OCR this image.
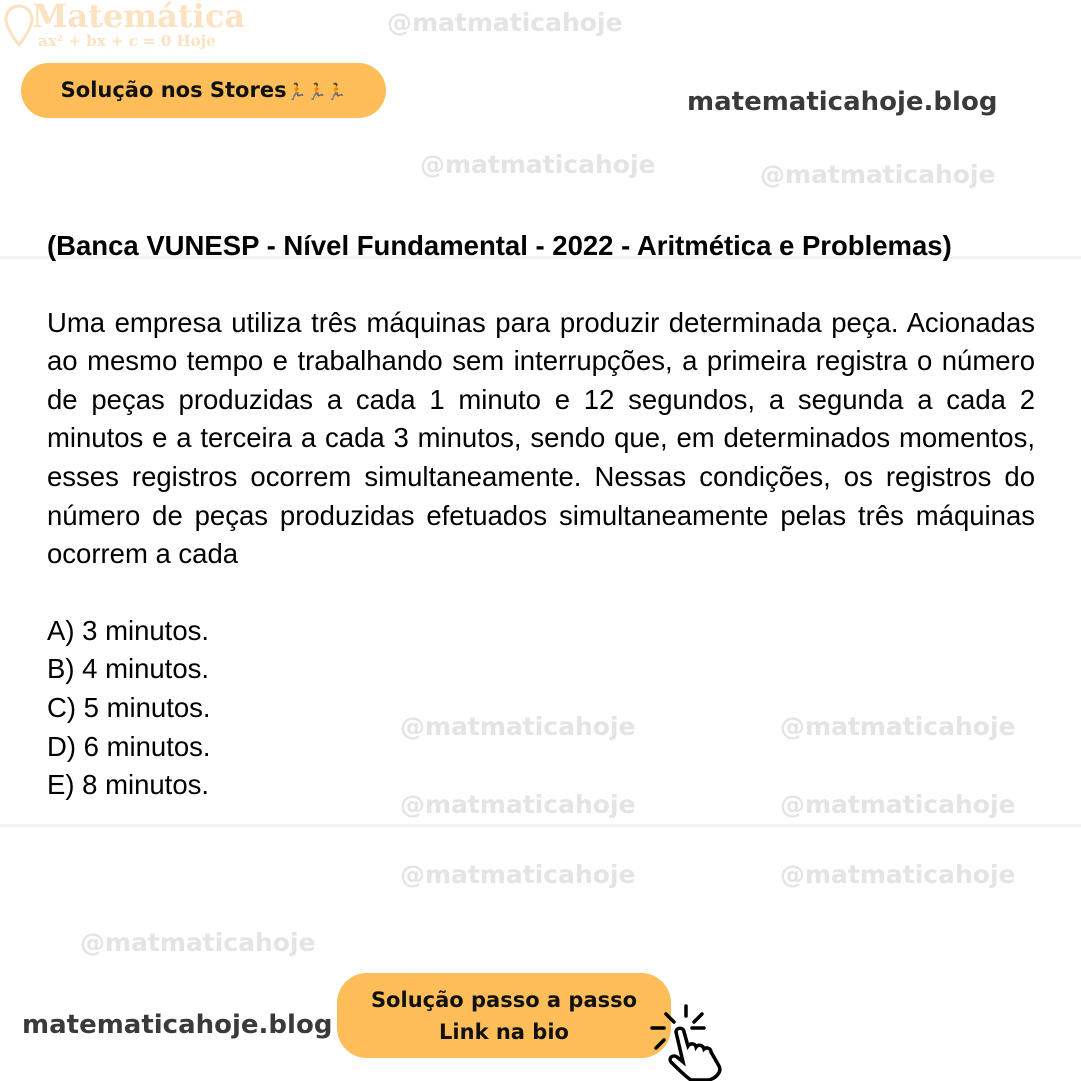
@matmaticahoje
@matmaticahoje	@matmaticahoje
@matmaticahoje	@matmaticahoje
@matmaticahoje	@matmaticahoje
@matmaticahoje	@matmaticahoje
@matmaticahoje
Matemática
ax² + bx + c = 0 Hoje
Solução nos Stores🏃🏃🏃	matematicahoje.blog
(Banca VUNESP - Nível Fundamental - 2022 - Aritmética e Problemas)
Uma empresa utiliza três máquinas para produzir determinada peça. Acionadas ao mesmo tempo e trabalhando sem interrupções, a primeira registra o número de peças produzidas a cada 1 minuto e 12 segundos, a segunda a cada 2 minutos e a terceira a cada 3 minutos, sendo que, em determinados momentos, esses registros ocorrem simultaneamente. Nessas condições, os registros do número de peças produzidas efetuados simultaneamente pelas três máquinas ocorrem a cada
A) 3 minutos.
B) 4 minutos.
C) 5 minutos.
D) 6 minutos.
E) 8 minutos.
matematicahoje.blog
Solução passo a passo
Link na bio
